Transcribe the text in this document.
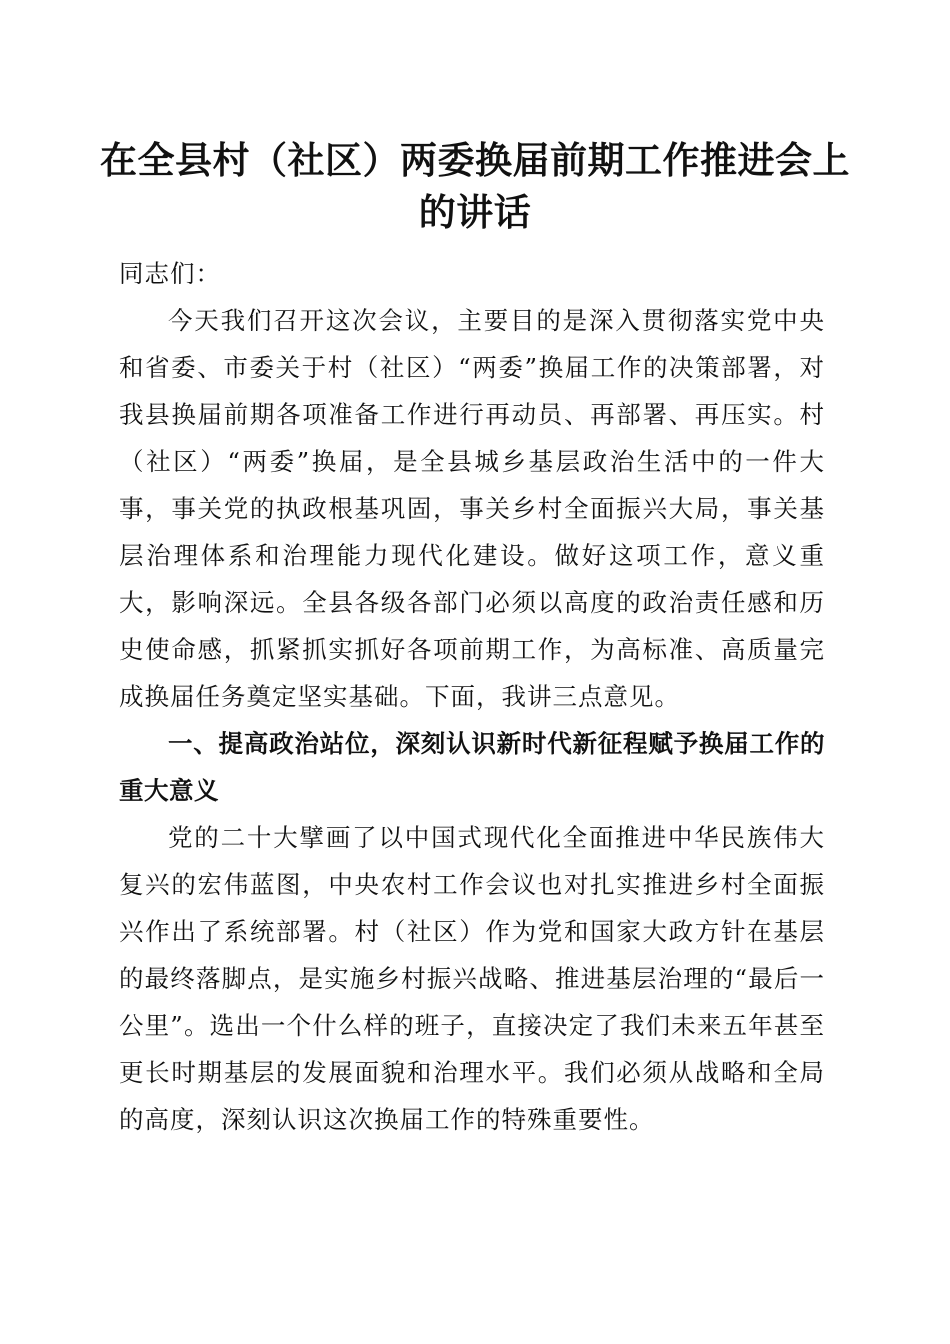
在全县村（社区）两委换届前期工作推进会上的讲话

同志们：

今天我们召开这次会议，主要目的是深入贯彻落实党中央和省委、市委关于村（社区）“两委”换届工作的决策部署，对我县换届前期各项准备工作进行再动员、再部署、再压实。村（社区）“两委”换届，是全县城乡基层政治生活中的一件大事，事关党的执政根基巩固，事关乡村全面振兴大局，事关基层治理体系和治理能力现代化建设。做好这项工作，意义重大，影响深远。全县各级各部门必须以高度的政治责任感和历史使命感，抓紧抓实抓好各项前期工作，为高标准、高质量完成换届任务奠定坚实基础。下面，我讲三点意见。

一、提高政治站位，深刻认识新时代新征程赋予换届工作的重大意义

党的二十大擘画了以中国式现代化全面推进中华民族伟大复兴的宏伟蓝图，中央农村工作会议也对扎实推进乡村全面振兴作出了系统部署。村（社区）作为党和国家大政方针在基层的最终落脚点，是实施乡村振兴战略、推进基层治理的“最后一公里”。选出一个什么样的班子，直接决定了我们未来五年甚至更长时期基层的发展面貌和治理水平。我们必须从战略和全局的高度，深刻认识这次换届工作的特殊重要性。
